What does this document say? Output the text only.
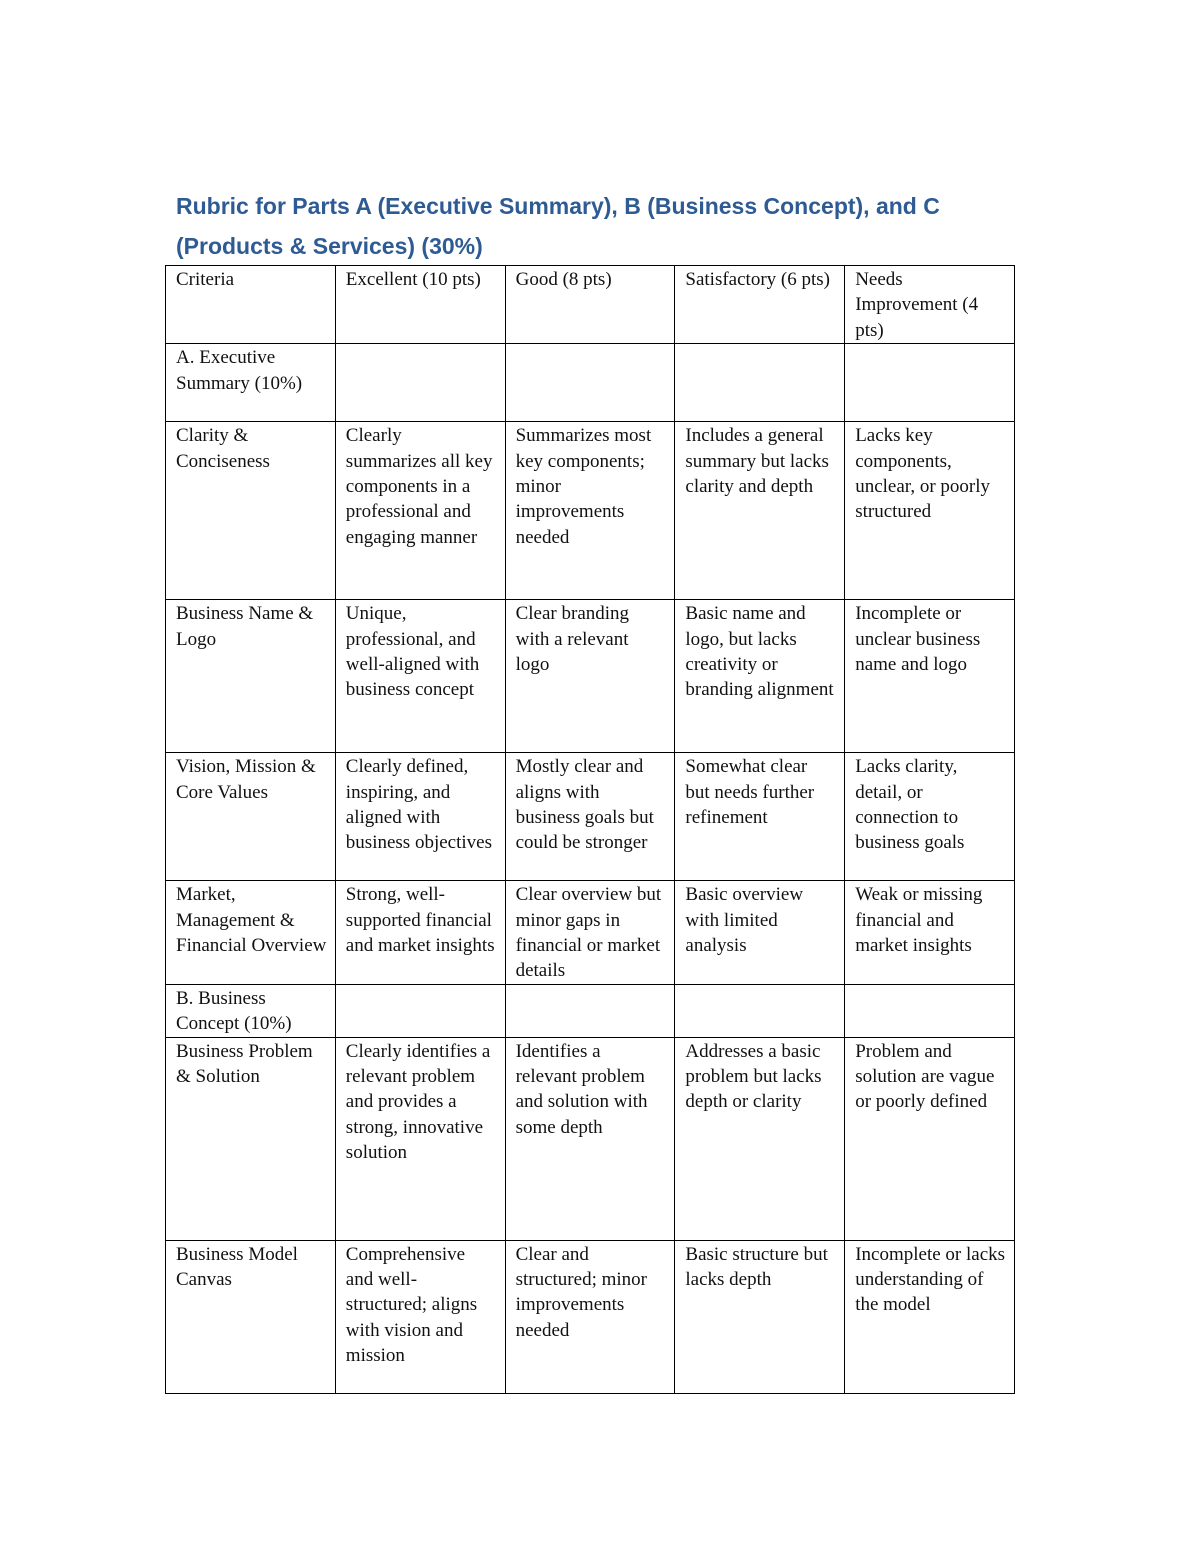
Rubric for Parts A (Executive Summary), B (Business Concept), and C (Products & Services) (30%)
Criteria	Excellent (10 pts)	Good (8 pts)	Satisfactory (6 pts)	Needs Improvement (4 pts)
A. Executive Summary (10%)				
Clarity & Conciseness	Clearly summarizes all key components in a professional and engaging manner	Summarizes most key components; minor improvements needed	Includes a general summary but lacks clarity and depth	Lacks key components, unclear, or poorly structured
Business Name & Logo	Unique, professional, and well-aligned with business concept	Clear branding with a relevant logo	Basic name and logo, but lacks creativity or branding alignment	Incomplete or unclear business name and logo
Vision, Mission & Core Values	Clearly defined, inspiring, and aligned with business objectives	Mostly clear and aligns with business goals but could be stronger	Somewhat clear but needs further refinement	Lacks clarity, detail, or connection to business goals
Market, Management & Financial Overview	Strong, well-supported financial and market insights	Clear overview but minor gaps in financial or market details	Basic overview with limited analysis	Weak or missing financial and market insights
B. Business Concept (10%)				
Business Problem & Solution	Clearly identifies a relevant problem and provides a strong, innovative solution	Identifies a relevant problem and solution with some depth	Addresses a basic problem but lacks depth or clarity	Problem and solution are vague or poorly defined
Business Model Canvas	Comprehensive and well-structured; aligns with vision and mission	Clear and structured; minor improvements needed	Basic structure but lacks depth	Incomplete or lacks understanding of the model
